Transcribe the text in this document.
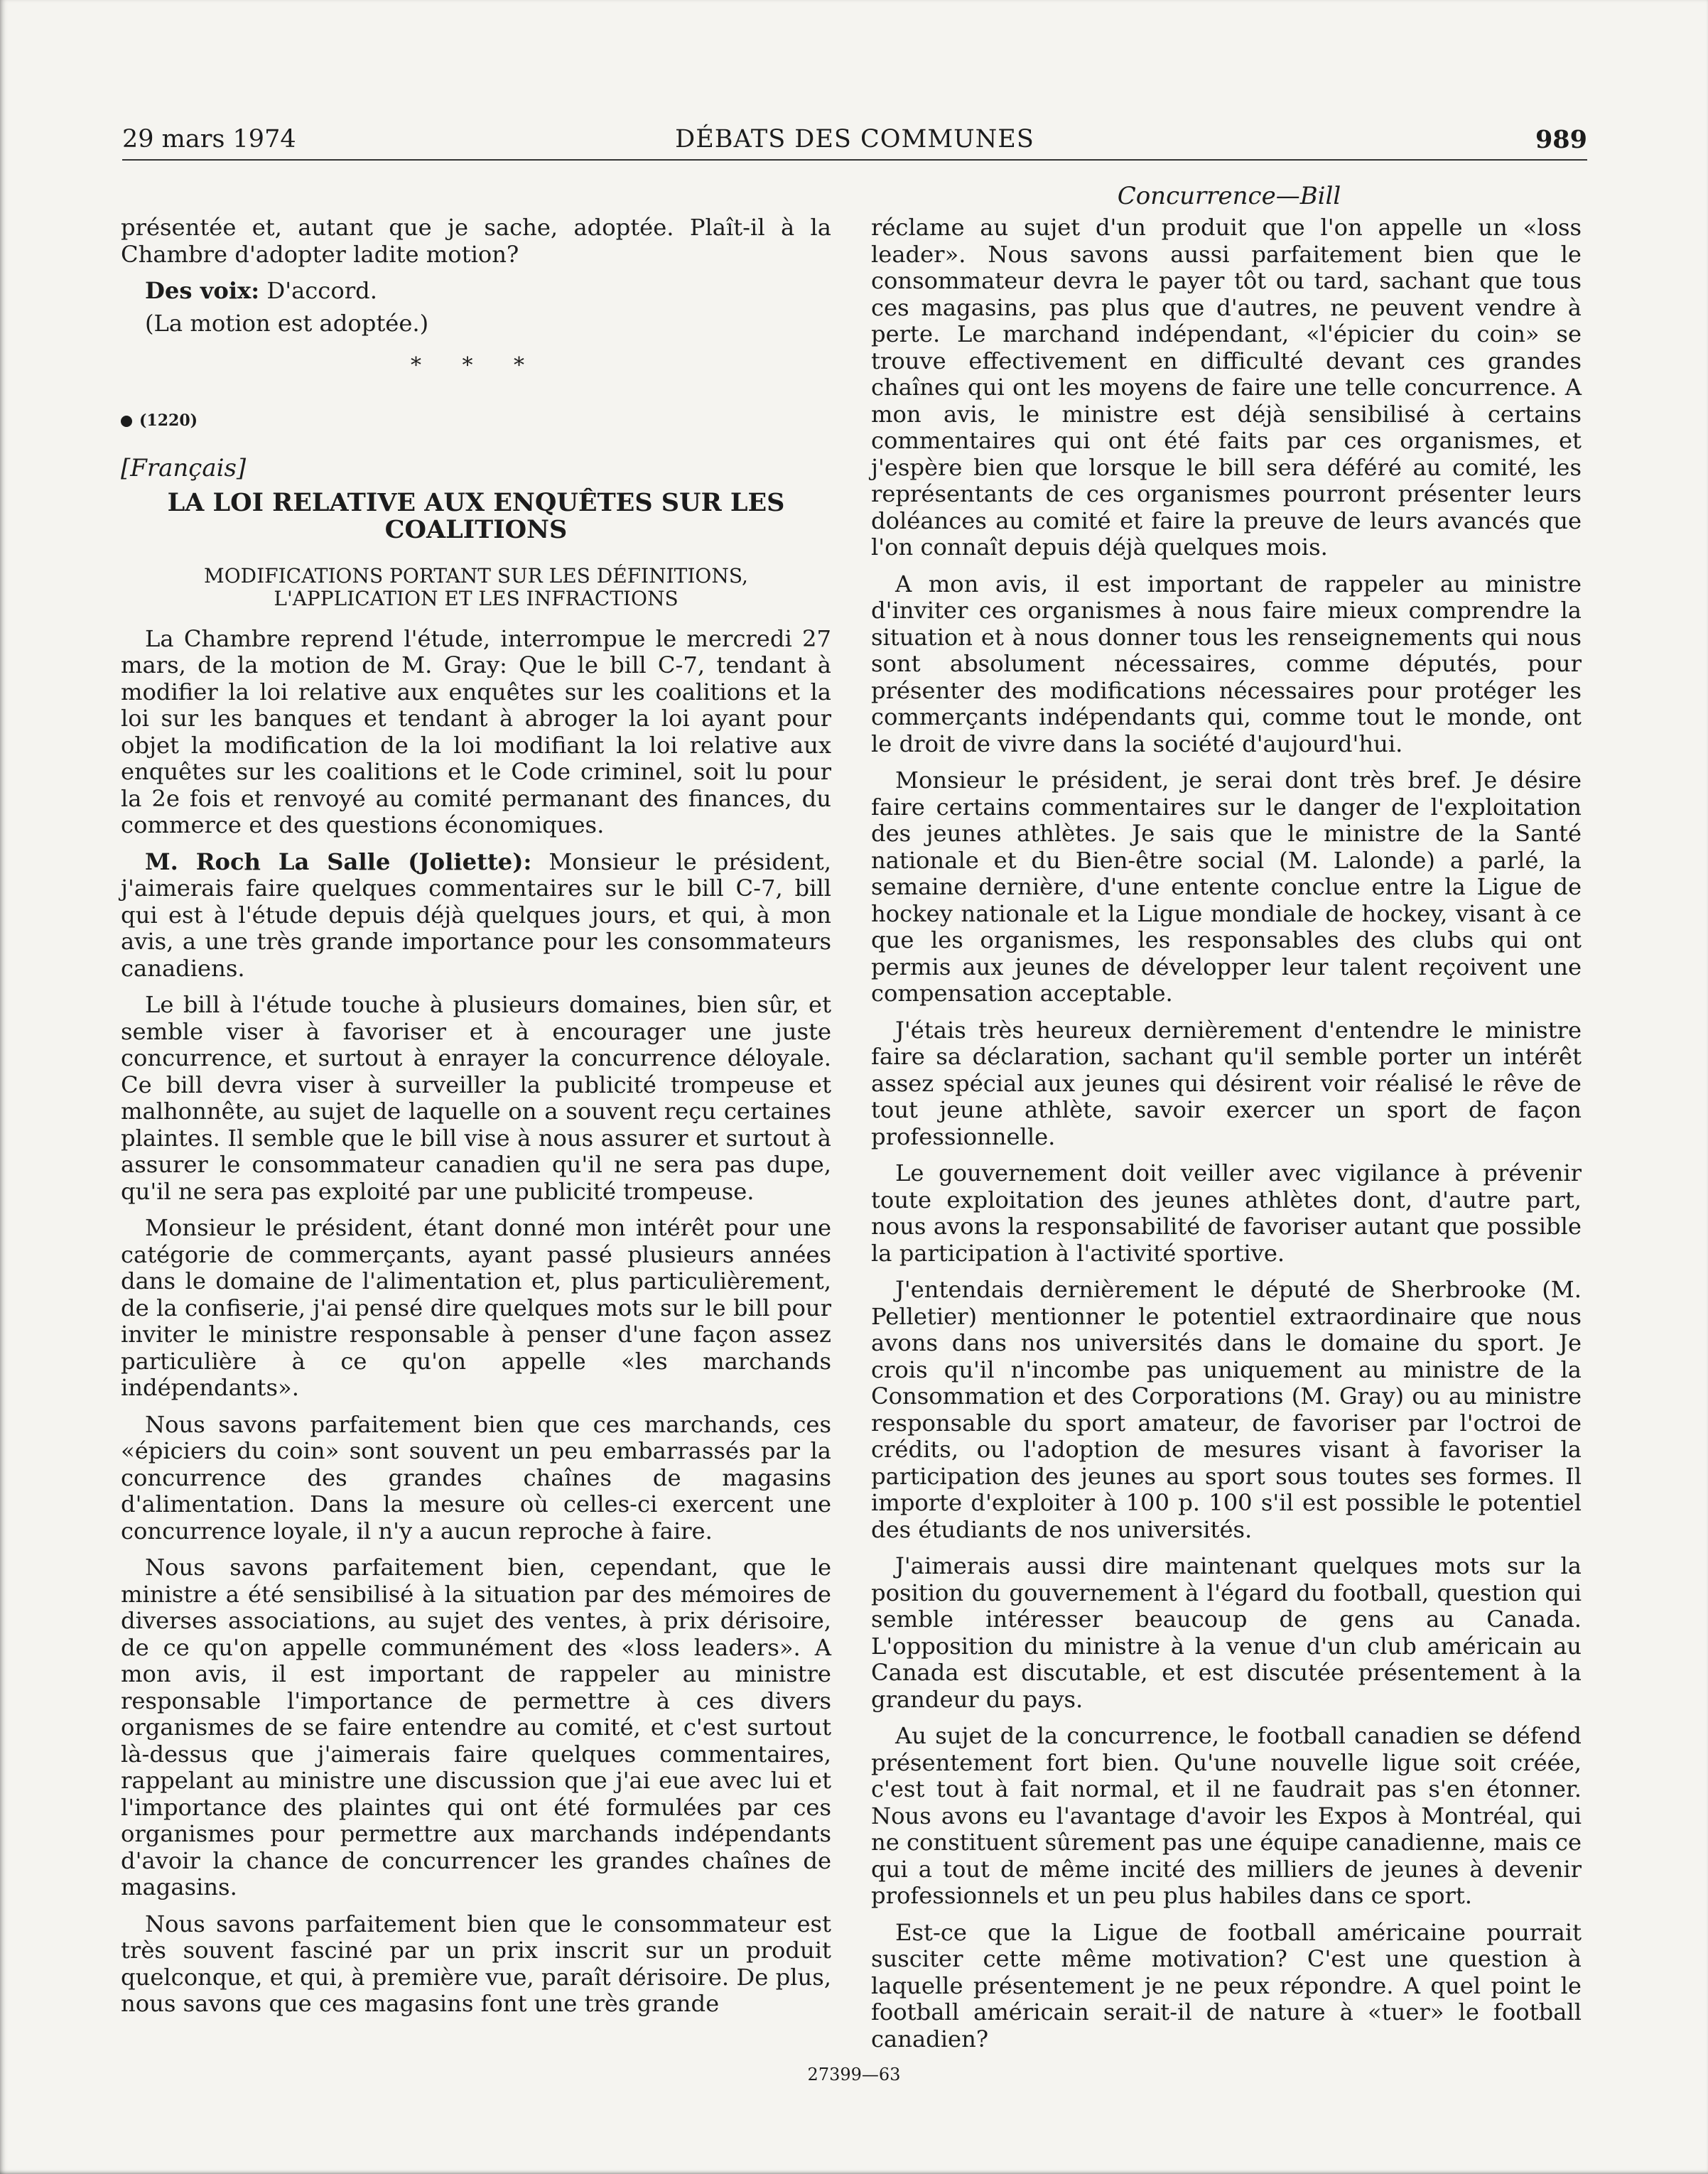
29 mars 1974	DÉBATS DES COMMUNES	989
Concurrence—Bill

présentée et, autant que je sache, adoptée. Plaît-il à la Chambre d'adopter ladite motion?

Des voix: D'accord.
(La motion est adoptée.)
* * *
(1220)
[Français]
LA LOI RELATIVE AUX ENQUÊTES SUR LES COALITIONS
MODIFICATIONS PORTANT SUR LES DÉFINITIONS, L'APPLICATION ET LES INFRACTIONS

La Chambre reprend l'étude, interrompue le mercredi 27 mars, de la motion de M. Gray: Que le bill C-7, tendant à modifier la loi relative aux enquêtes sur les coalitions et la loi sur les banques et tendant à abroger la loi ayant pour objet la modification de la loi modifiant la loi relative aux enquêtes sur les coalitions et le Code criminel, soit lu pour la 2e fois et renvoyé au comité permanant des finances, du commerce et des questions économiques.

M. Roch La Salle (Joliette): Monsieur le président, j'aimerais faire quelques commentaires sur le bill C-7, bill qui est à l'étude depuis déjà quelques jours, et qui, à mon avis, a une très grande importance pour les consommateurs canadiens.

Le bill à l'étude touche à plusieurs domaines, bien sûr, et semble viser à favoriser et à encourager une juste concurrence, et surtout à enrayer la concurrence déloyale. Ce bill devra viser à surveiller la publicité trompeuse et malhonnête, au sujet de laquelle on a souvent reçu certaines plaintes. Il semble que le bill vise à nous assurer et surtout à assurer le consommateur canadien qu'il ne sera pas dupe, qu'il ne sera pas exploité par une publicité trompeuse.

Monsieur le président, étant donné mon intérêt pour une catégorie de commerçants, ayant passé plusieurs années dans le domaine de l'alimentation et, plus particulièrement, de la confiserie, j'ai pensé dire quelques mots sur le bill pour inviter le ministre responsable à penser d'une façon assez particulière à ce qu'on appelle «les marchands indépendants».

Nous savons parfaitement bien que ces marchands, ces «épiciers du coin» sont souvent un peu embarrassés par la concurrence des grandes chaînes de magasins d'alimentation. Dans la mesure où celles-ci exercent une concurrence loyale, il n'y a aucun reproche à faire.

Nous savons parfaitement bien, cependant, que le ministre a été sensibilisé à la situation par des mémoires de diverses associations, au sujet des ventes, à prix dérisoire, de ce qu'on appelle communément des «loss leaders». A mon avis, il est important de rappeler au ministre responsable l'importance de permettre à ces divers organismes de se faire entendre au comité, et c'est surtout là-dessus que j'aimerais faire quelques commentaires, rappelant au ministre une discussion que j'ai eue avec lui et l'importance des plaintes qui ont été formulées par ces organismes pour permettre aux marchands indépendants d'avoir la chance de concurrencer les grandes chaînes de magasins.

Nous savons parfaitement bien que le consommateur est très souvent fasciné par un prix inscrit sur un produit quelconque, et qui, à première vue, paraît dérisoire. De plus, nous savons que ces magasins font une très grande

réclame au sujet d'un produit que l'on appelle un «loss leader». Nous savons aussi parfaitement bien que le consommateur devra le payer tôt ou tard, sachant que tous ces magasins, pas plus que d'autres, ne peuvent vendre à perte. Le marchand indépendant, «l'épicier du coin» se trouve effectivement en difficulté devant ces grandes chaînes qui ont les moyens de faire une telle concurrence. A mon avis, le ministre est déjà sensibilisé à certains commentaires qui ont été faits par ces organismes, et j'espère bien que lorsque le bill sera déféré au comité, les représentants de ces organismes pourront présenter leurs doléances au comité et faire la preuve de leurs avancés que l'on connaît depuis déjà quelques mois.

A mon avis, il est important de rappeler au ministre d'inviter ces organismes à nous faire mieux comprendre la situation et à nous donner tous les renseignements qui nous sont absolument nécessaires, comme députés, pour présenter des modifications nécessaires pour protéger les commerçants indépendants qui, comme tout le monde, ont le droit de vivre dans la société d'aujourd'hui.

Monsieur le président, je serai dont très bref. Je désire faire certains commentaires sur le danger de l'exploitation des jeunes athlètes. Je sais que le ministre de la Santé nationale et du Bien-être social (M. Lalonde) a parlé, la semaine dernière, d'une entente conclue entre la Ligue de hockey nationale et la Ligue mondiale de hockey, visant à ce que les organismes, les responsables des clubs qui ont permis aux jeunes de développer leur talent reçoivent une compensation acceptable.

J'étais très heureux dernièrement d'entendre le ministre faire sa déclaration, sachant qu'il semble porter un intérêt assez spécial aux jeunes qui désirent voir réalisé le rêve de tout jeune athlète, savoir exercer un sport de façon professionnelle.

Le gouvernement doit veiller avec vigilance à prévenir toute exploitation des jeunes athlètes dont, d'autre part, nous avons la responsabilité de favoriser autant que possible la participation à l'activité sportive.

J'entendais dernièrement le député de Sherbrooke (M. Pelletier) mentionner le potentiel extraordinaire que nous avons dans nos universités dans le domaine du sport. Je crois qu'il n'incombe pas uniquement au ministre de la Consommation et des Corporations (M. Gray) ou au ministre responsable du sport amateur, de favoriser par l'octroi de crédits, ou l'adoption de mesures visant à favoriser la participation des jeunes au sport sous toutes ses formes. Il importe d'exploiter à 100 p. 100 s'il est possible le potentiel des étudiants de nos universités.

J'aimerais aussi dire maintenant quelques mots sur la position du gouvernement à l'égard du football, question qui semble intéresser beaucoup de gens au Canada. L'opposition du ministre à la venue d'un club américain au Canada est discutable, et est discutée présentement à la grandeur du pays.

Au sujet de la concurrence, le football canadien se défend présentement fort bien. Qu'une nouvelle ligue soit créée, c'est tout à fait normal, et il ne faudrait pas s'en étonner. Nous avons eu l'avantage d'avoir les Expos à Montréal, qui ne constituent sûrement pas une équipe canadienne, mais ce qui a tout de même incité des milliers de jeunes à devenir professionnels et un peu plus habiles dans ce sport.

Est-ce que la Ligue de football américaine pourrait susciter cette même motivation? C'est une question à laquelle présentement je ne peux répondre. A quel point le football américain serait-il de nature à «tuer» le football canadien?

27399—63
